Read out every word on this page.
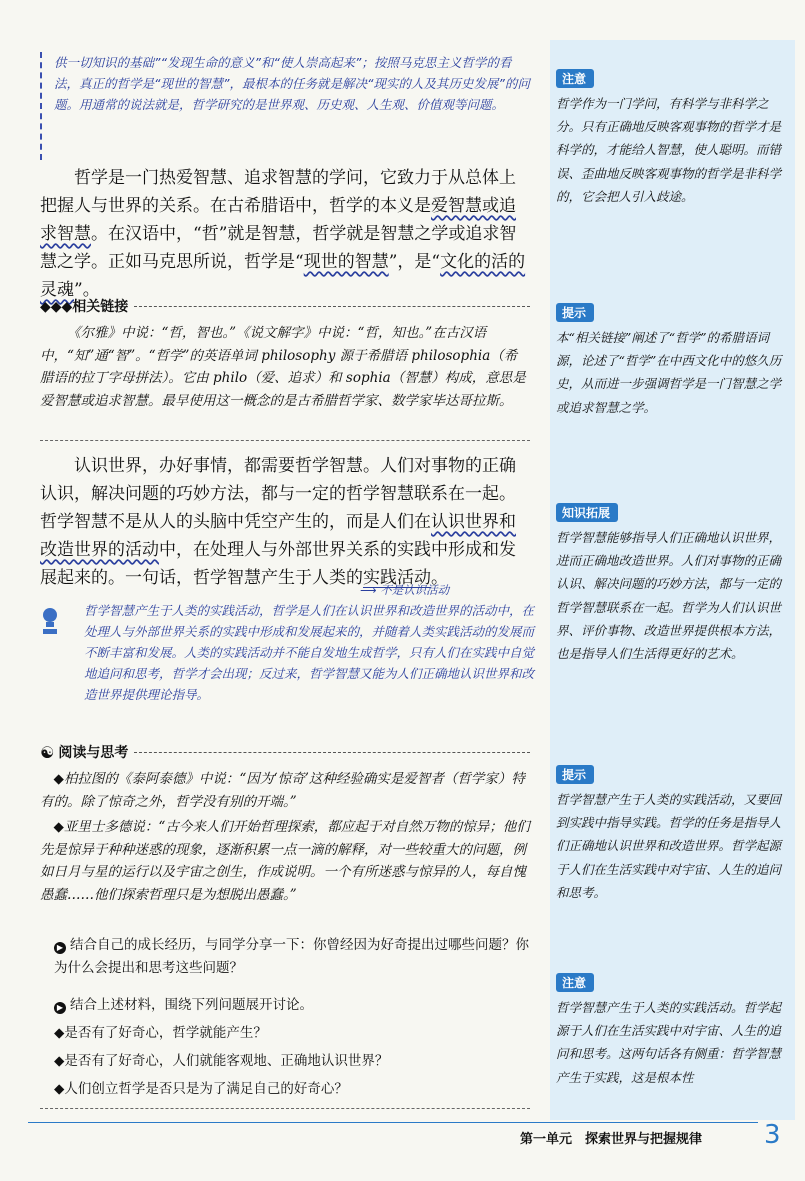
供一切知识的基础”“发现生命的意义”和“使人崇高起来”；按照马克思主义哲学的看法，真正的哲学是“现世的智慧”，最根本的任务就是解决“现实的人及其历史发展”的问题。用通常的说法就是，哲学研究的是世界观、历史观、人生观、价值观等问题。
哲学是一门热爱智慧、追求智慧的学问，它致力于从总体上把握人与世界的关系。在古希腊语中，哲学的本义是爱智慧或追求智慧。在汉语中，“哲”就是智慧，哲学就是智慧之学或追求智慧之学。正如马克思所说，哲学是“现世的智慧”，是“文化的活的灵魂”。
◆◆◆相关链接
《尔雅》中说：“哲，智也。”《说文解字》中说：“哲，知也。”在古汉语中，“知”通“智”。“哲学”的英语单词 philosophy 源于希腊语 philosophia（希腊语的拉丁字母拼法）。它由 philo（爱、追求）和 sophia（智慧）构成，意思是爱智慧或追求智慧。最早使用这一概念的是古希腊哲学家、数学家毕达哥拉斯。
认识世界，办好事情，都需要哲学智慧。人们对事物的正确认识，解决问题的巧妙方法，都与一定的哲学智慧联系在一起。哲学智慧不是从人的头脑中凭空产生的，而是人们在认识世界和改造世界的活动中，在处理人与外部世界关系的实践中形成和发展起来的。一句话，哲学智慧产生于人类的实践活动。
⟶ 不是认识活动
哲学智慧产生于人类的实践活动，哲学是人们在认识世界和改造世界的活动中，在处理人与外部世界关系的实践中形成和发展起来的，并随着人类实践活动的发展而不断丰富和发展。人类的实践活动并不能自发地生成哲学，只有人们在实践中自觉地追问和思考，哲学才会出现；反过来，哲学智慧又能为人们正确地认识世界和改造世界提供理论指导。
☯ 阅读与思考
◆柏拉图的《泰阿泰德》中说：“因为‘惊奇’这种经验确实是爱智者（哲学家）特有的。除了惊奇之外，哲学没有别的开端。”
◆亚里士多德说：“古今来人们开始哲理探索，都应起于对自然万物的惊异；他们先是惊异于种种迷惑的现象，逐渐积累一点一滴的解释，对一些较重大的问题，例如日月与星的运行以及宇宙之创生，作成说明。一个有所迷惑与惊异的人，每自愧愚蠢……他们探索哲理只是为想脱出愚蠢。”
▶ 结合自己的成长经历，与同学分享一下：你曾经因为好奇提出过哪些问题？你为什么会提出和思考这些问题？
▶ 结合上述材料，围绕下列问题展开讨论。
◆是否有了好奇心，哲学就能产生？
◆是否有了好奇心，人们就能客观地、正确地认识世界？
◆人们创立哲学是否只是为了满足自己的好奇心？
注意
哲学作为一门学问，有科学与非科学之分。只有正确地反映客观事物的哲学才是科学的，才能给人智慧，使人聪明。而错误、歪曲地反映客观事物的哲学是非科学的，它会把人引入歧途。
提示
本“相关链接”阐述了“哲学”的希腊语词源，论述了“哲学”在中西文化中的悠久历史，从而进一步强调哲学是一门智慧之学或追求智慧之学。
知识拓展
哲学智慧能够指导人们正确地认识世界，进而正确地改造世界。人们对事物的正确认识、解决问题的巧妙方法，都与一定的哲学智慧联系在一起。哲学为人们认识世界、评价事物、改造世界提供根本方法，也是指导人们生活得更好的艺术。
提示
哲学智慧产生于人类的实践活动，又要回到实践中指导实践。哲学的任务是指导人们正确地认识世界和改造世界。哲学起源于人们在生活实践中对宇宙、人生的追问和思考。
注意
哲学智慧产生于人类的实践活动。哲学起源于人们在生活实践中对宇宙、人生的追问和思考。这两句话各有侧重：哲学智慧产生于实践，这是根本性
第一单元　探索世界与把握规律	3
